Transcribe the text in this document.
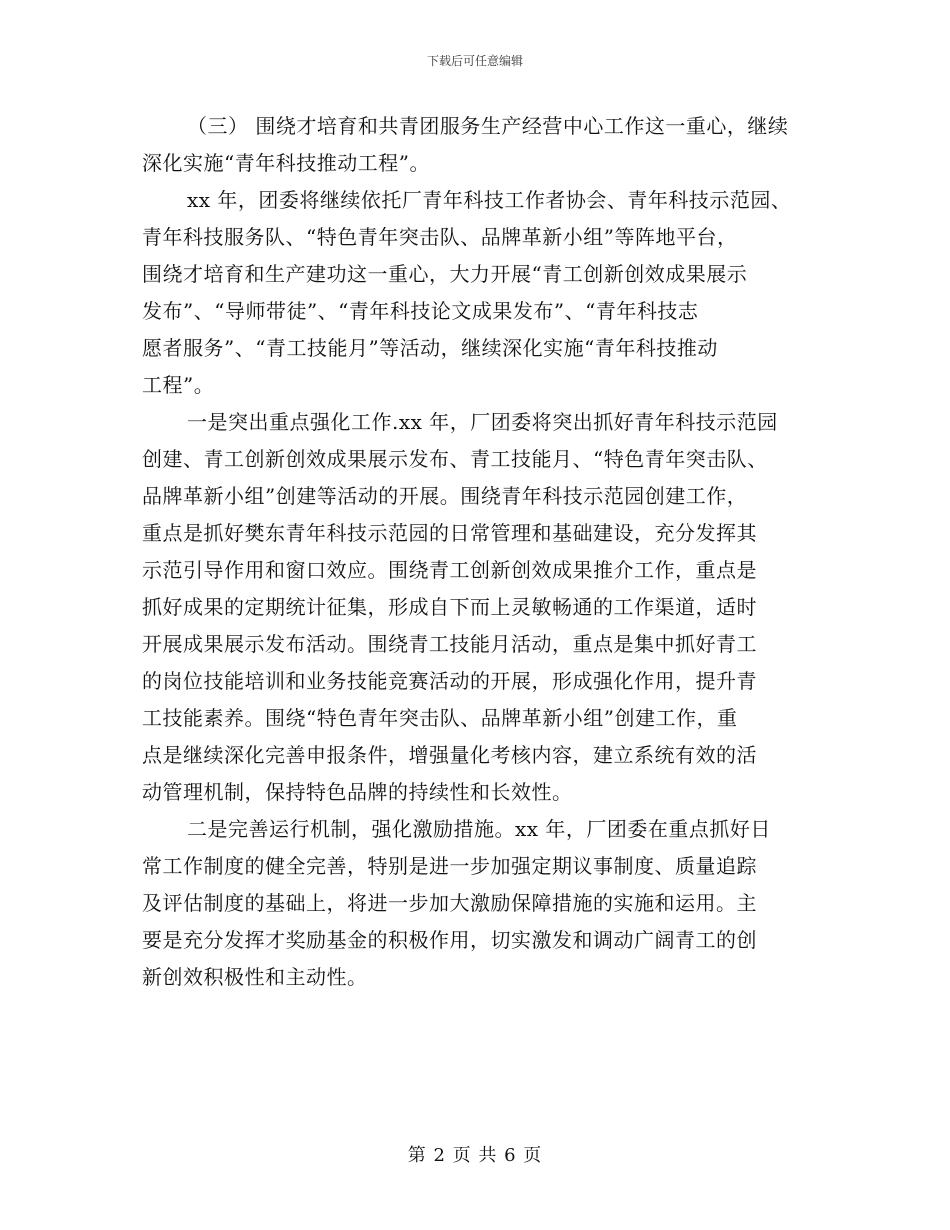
下载后可任意编辑

（三） 围绕才培育和共青团服务生产经营中心工作这一重心，继续
深化实施“青年科技推动工程”。

xx 年，团委将继续依托厂青年科技工作者协会、青年科技示范园、
青年科技服务队、“特色青年突击队、品牌革新小组”等阵地平台，
围绕才培育和生产建功这一重心，大力开展“青工创新创效成果展示
发布”、“导师带徒”、“青年科技论文成果发布”、“青年科技志
愿者服务”、“青工技能月”等活动，继续深化实施“青年科技推动
工程”。

一是突出重点强化工作.xx 年，厂团委将突出抓好青年科技示范园
创建、青工创新创效成果展示发布、青工技能月、“特色青年突击队、
品牌革新小组”创建等活动的开展。围绕青年科技示范园创建工作，
重点是抓好樊东青年科技示范园的日常管理和基础建设，充分发挥其
示范引导作用和窗口效应。围绕青工创新创效成果推介工作，重点是
抓好成果的定期统计征集，形成自下而上灵敏畅通的工作渠道，适时
开展成果展示发布活动。围绕青工技能月活动，重点是集中抓好青工
的岗位技能培训和业务技能竞赛活动的开展，形成强化作用，提升青
工技能素养。围绕“特色青年突击队、品牌革新小组”创建工作，重
点是继续深化完善申报条件，增强量化考核内容，建立系统有效的活
动管理机制，保持特色品牌的持续性和长效性。

二是完善运行机制，强化激励措施。xx 年，厂团委在重点抓好日
常工作制度的健全完善，特别是进一步加强定期议事制度、质量追踪
及评估制度的基础上，将进一步加大激励保障措施的实施和运用。主
要是充分发挥才奖励基金的积极作用，切实激发和调动广阔青工的创
新创效积极性和主动性。

第 2 页 共 6 页
